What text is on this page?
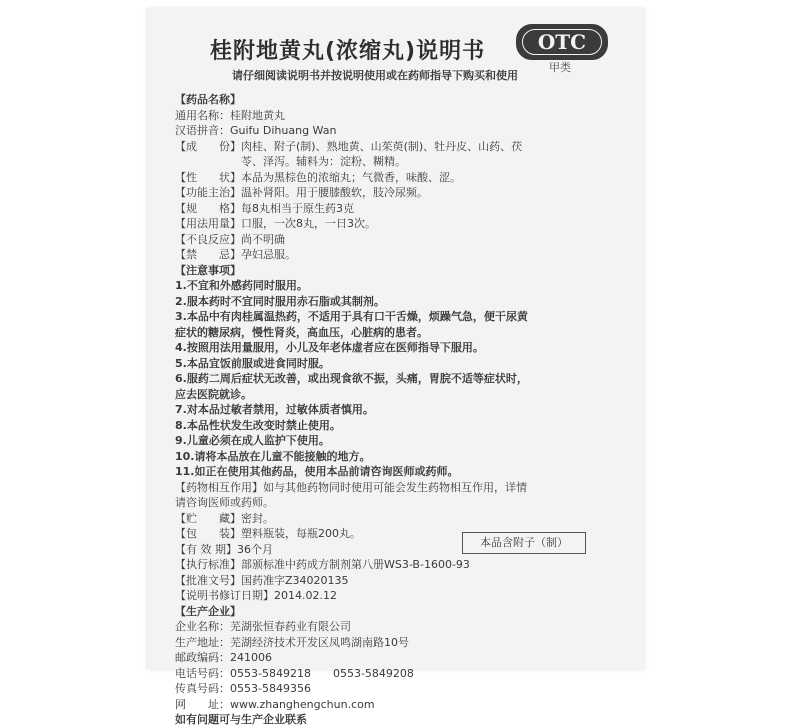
桂附地黄丸(浓缩丸)说明书	OTC
甲类
请仔细阅读说明书并按说明使用或在药师指导下购买和使用
【药品名称】
通用名称：桂附地黄丸
汉语拼音：Guifu Dihuang Wan
【成　　份】肉桂、附子(制)、熟地黄、山茱萸(制)、牡丹皮、山药、茯
　　　　　　苓、泽泻。辅料为：淀粉、糊精。
【性　　状】本品为黑棕色的浓缩丸；气微香，味酸、涩。
【功能主治】温补肾阳。用于腰膝酸软，肢冷尿频。
【规　　格】每8丸相当于原生药3克
【用法用量】口服，一次8丸，一日3次。
【不良反应】尚不明确
【禁　　忌】孕妇忌服。
【注意事项】
1.不宜和外感药同时服用。
2.服本药时不宜同时服用赤石脂或其制剂。
3.本品中有肉桂属温热药，不适用于具有口干舌燥，烦躁气急，便干尿黄
症状的糖尿病，慢性肾炎，高血压，心脏病的患者。
4.按照用法用量服用，小儿及年老体虚者应在医师指导下服用。
5.本品宜饭前服或进食同时服。
6.服药二周后症状无改善，或出现食欲不振，头痛，胃脘不适等症状时，
应去医院就诊。
7.对本品过敏者禁用，过敏体质者慎用。
8.本品性状发生改变时禁止使用。
9.儿童必须在成人监护下使用。
10.请将本品放在儿童不能接触的地方。
11.如正在使用其他药品，使用本品前请咨询医师或药师。
【药物相互作用】如与其他药物同时使用可能会发生药物相互作用，详情
请咨询医师或药师。
【贮　　藏】密封。
【包　　装】塑料瓶装，每瓶200丸。
【有 效 期】36个月
【执行标准】部颁标准中药成方制剂第八册WS3-B-1600-93
【批准文号】国药准字Z34020135
【说明书修订日期】2014.02.12
【生产企业】
企业名称：芜湖张恒春药业有限公司
生产地址：芜湖经济技术开发区凤鸣湖南路10号
邮政编码：241006
电话号码：0553-5849218　　0553-5849208
传真号码：0553-5849356
网　　址：www.zhanghengchun.com
如有问题可与生产企业联系
本品含附子（制）
